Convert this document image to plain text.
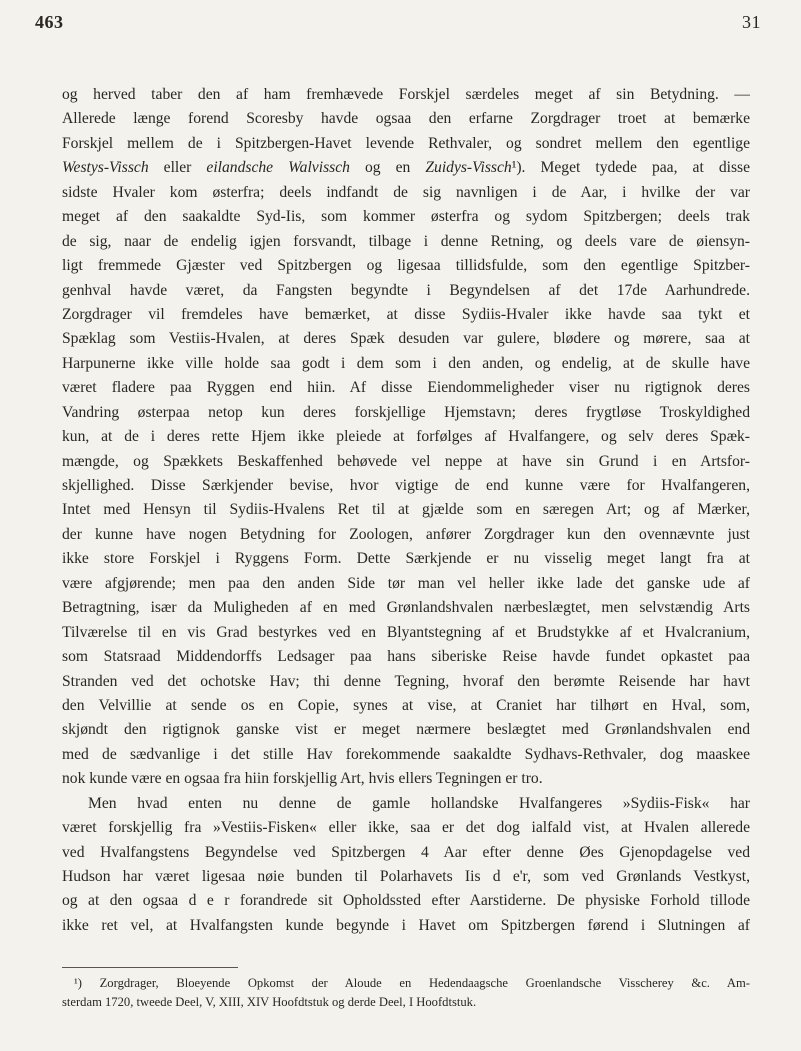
463	31
og herved taber den af ham fremhævede Forskjel særdeles meget af sin Betydning. —
Allerede længe forend Scoresby havde ogsaa den erfarne Zorgdrager troet at bemærke
Forskjel mellem de i Spitzbergen-Havet levende Rethvaler, og sondret mellem den egentlige
Westys-Vissch eller eilandsche Walvissch og en Zuidys-Vissch¹). Meget tydede paa, at disse
sidste Hvaler kom østerfra; deels indfandt de sig navnligen i de Aar, i hvilke der var
meget af den saakaldte Syd-Iis, som kommer østerfra og sydom Spitzbergen; deels trak
de sig, naar de endelig igjen forsvandt, tilbage i denne Retning, og deels vare de øiensyn-
ligt fremmede Gjæster ved Spitzbergen og ligesaa tillidsfulde, som den egentlige Spitzber-
genhval havde været, da Fangsten begyndte i Begyndelsen af det 17de Aarhundrede.
Zorgdrager vil fremdeles have bemærket, at disse Sydiis-Hvaler ikke havde saa tykt et
Spæklag som Vestiis-Hvalen, at deres Spæk desuden var gulere, blødere og mørere, saa at
Harpunerne ikke ville holde saa godt i dem som i den anden, og endelig, at de skulle have
været fladere paa Ryggen end hiin. Af disse Eiendommeligheder viser nu rigtignok deres
Vandring østerpaa netop kun deres forskjellige Hjemstavn; deres frygtløse Troskyldighed
kun, at de i deres rette Hjem ikke pleiede at forfølges af Hvalfangere, og selv deres Spæk-
mængde, og Spækkets Beskaffenhed behøvede vel neppe at have sin Grund i en Artsfor-
skjellighed. Disse Særkjender bevise, hvor vigtige de end kunne være for Hvalfangeren,
Intet med Hensyn til Sydiis-Hvalens Ret til at gjælde som en særegen Art; og af Mærker,
der kunne have nogen Betydning for Zoologen, anfører Zorgdrager kun den ovennævnte just
ikke store Forskjel i Ryggens Form. Dette Særkjende er nu visselig meget langt fra at
være afgjørende; men paa den anden Side tør man vel heller ikke lade det ganske ude af
Betragtning, især da Muligheden af en med Grønlandshvalen nærbeslægtet, men selvstændig Arts
Tilværelse til en vis Grad bestyrkes ved en Blyantstegning af et Brudstykke af et Hvalcranium,
som Statsraad Middendorffs Ledsager paa hans siberiske Reise havde fundet opkastet paa
Stranden ved det ochotske Hav; thi denne Tegning, hvoraf den berømte Reisende har havt
den Velvillie at sende os en Copie, synes at vise, at Craniet har tilhørt en Hval, som,
skjøndt den rigtignok ganske vist er meget nærmere beslægtet med Grønlandshvalen end
med de sædvanlige i det stille Hav forekommende saakaldte Sydhavs-Rethvaler, dog maaskee
nok kunde være en ogsaa fra hiin forskjellig Art, hvis ellers Tegningen er tro.
Men hvad enten nu denne de gamle hollandske Hvalfangeres »Sydiis-Fisk« har
været forskjellig fra »Vestiis-Fisken« eller ikke, saa er det dog ialfald vist, at Hvalen allerede
ved Hvalfangstens Begyndelse ved Spitzbergen 4 Aar efter denne Øes Gjenopdagelse ved
Hudson har været ligesaa nøie bunden til Polarhavets Iis d e'r, som ved Grønlands Vestkyst,
og at den ogsaa d e r forandrede sit Opholdssted efter Aarstiderne. De physiske Forhold tillode
ikke ret vel, at Hvalfangsten kunde begynde i Havet om Spitzbergen førend i Slutningen af
¹) Zorgdrager, Bloeyende Opkomst der Aloude en Hedendaagsche Groenlandsche Visscherey &c. Am-
sterdam 1720, tweede Deel, V, XIII, XIV Hoofdtstuk og derde Deel, I Hoofdtstuk.
